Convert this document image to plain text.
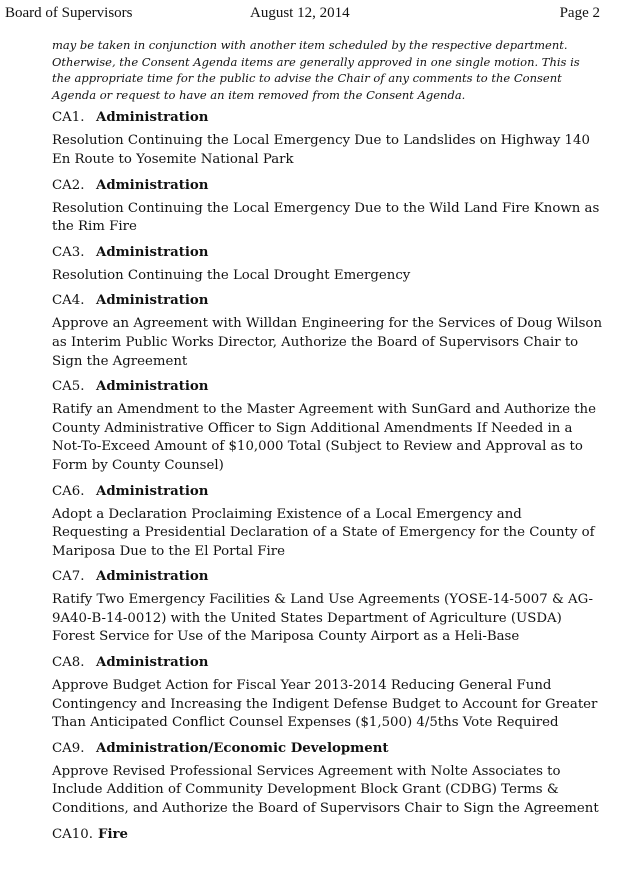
Board of Supervisors	August 12, 2014	Page 2

may be taken in conjunction with another item scheduled by the respective department. Otherwise, the Consent Agenda items are generally approved in one single motion. This is the appropriate time for the public to advise the Chair of any comments to the Consent Agenda or request to have an item removed from the Consent Agenda.

CA1. Administration
Resolution Continuing the Local Emergency Due to Landslides on Highway 140 En Route to Yosemite National Park
CA2. Administration
Resolution Continuing the Local Emergency Due to the Wild Land Fire Known as the Rim Fire
CA3. Administration
Resolution Continuing the Local Drought Emergency
CA4. Administration
Approve an Agreement with Willdan Engineering for the Services of Doug Wilson as Interim Public Works Director, Authorize the Board of Supervisors Chair to Sign the Agreement
CA5. Administration
Ratify an Amendment to the Master Agreement with SunGard and Authorize the County Administrative Officer to Sign Additional Amendments If Needed in a Not-To-Exceed Amount of $10,000 Total (Subject to Review and Approval as to Form by County Counsel)
CA6. Administration
Adopt a Declaration Proclaiming Existence of a Local Emergency and Requesting a Presidential Declaration of a State of Emergency for the County of Mariposa Due to the El Portal Fire
CA7. Administration
Ratify Two Emergency Facilities & Land Use Agreements (YOSE-14-5007 & AG-9A40-B-14-0012) with the United States Department of Agriculture (USDA) Forest Service for Use of the Mariposa County Airport as a Heli-Base
CA8. Administration
Approve Budget Action for Fiscal Year 2013-2014 Reducing General Fund Contingency and Increasing the Indigent Defense Budget to Account for Greater Than Anticipated Conflict Counsel Expenses ($1,500) 4/5ths Vote Required
CA9. Administration/Economic Development
Approve Revised Professional Services Agreement with Nolte Associates to Include Addition of Community Development Block Grant (CDBG) Terms & Conditions, and Authorize the Board of Supervisors Chair to Sign the Agreement
CA10. Fire
